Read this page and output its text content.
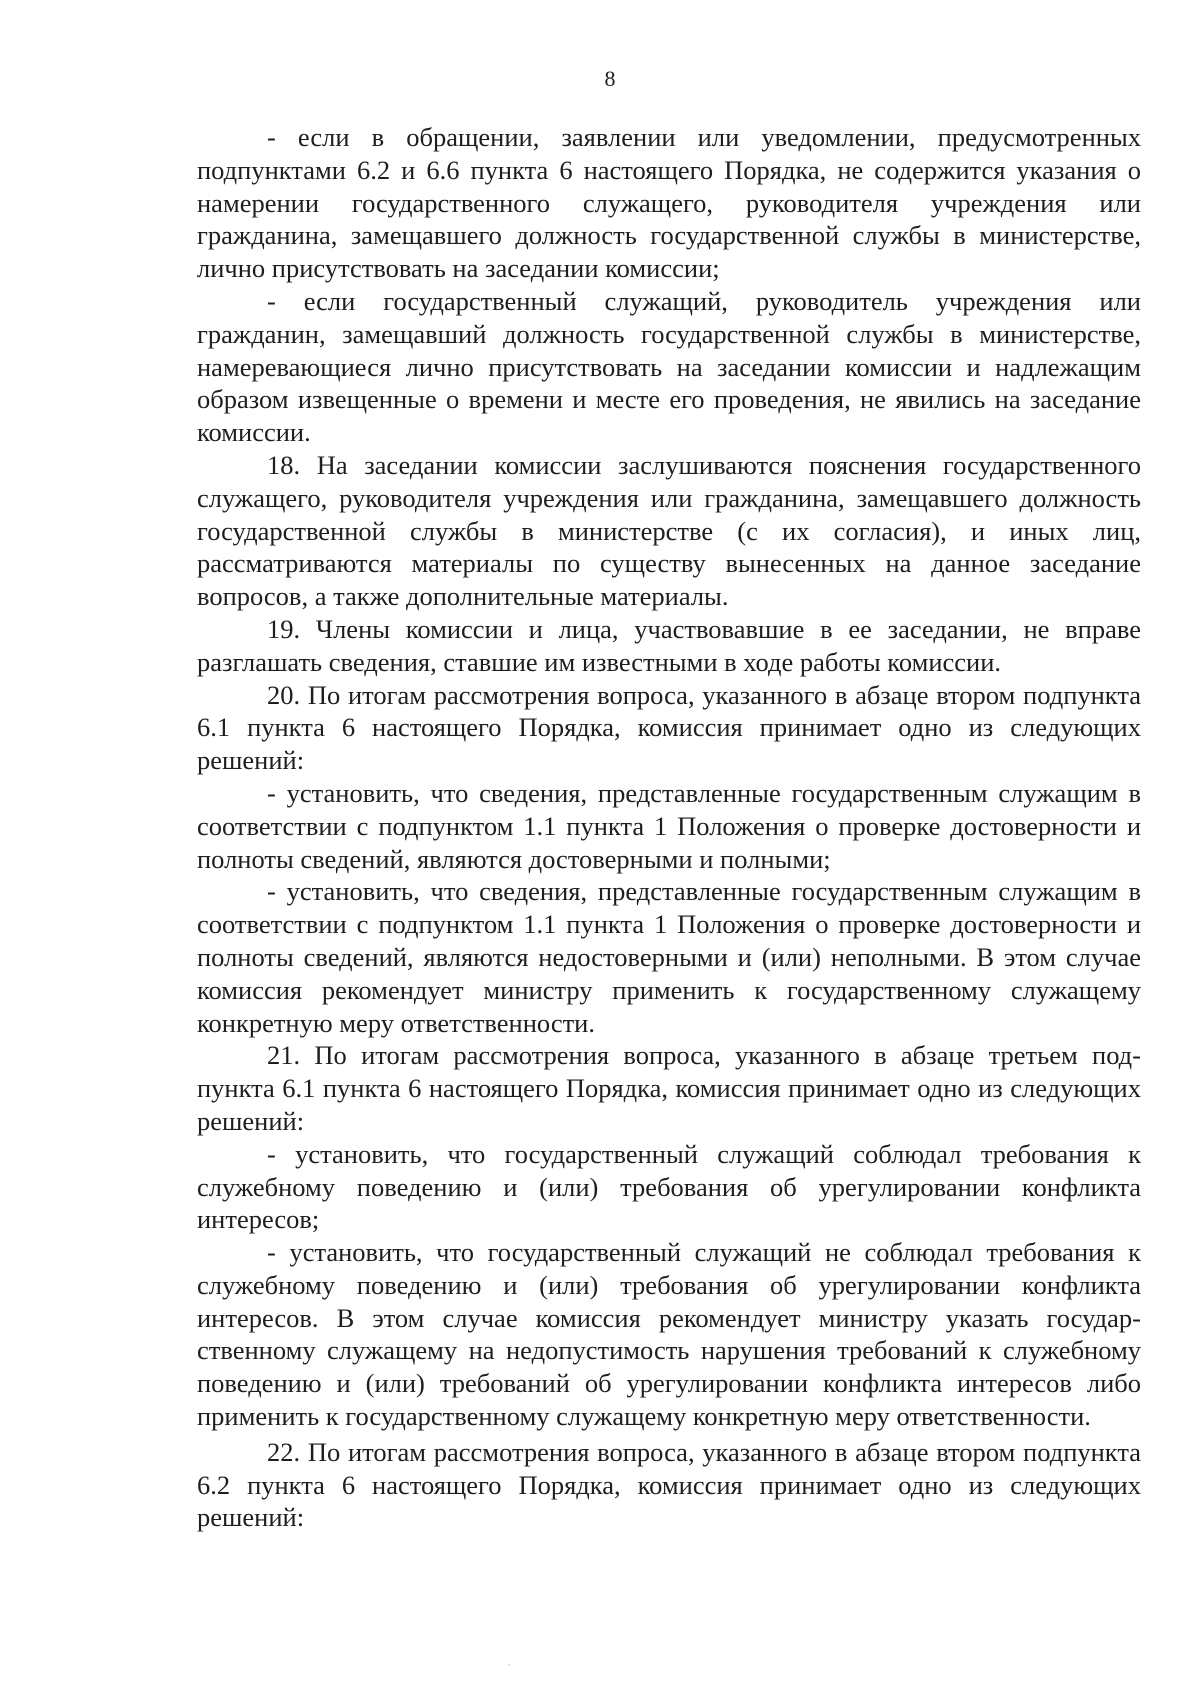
8

- если в обращении, заявлении или уведомлении, предусмотренных подпунктами 6.2 и 6.6 пункта 6 настоящего Порядка, не содержится указания о намерении государственного служащего, руководителя учреждения или гражданина, замещавшего должность государственной службы в министерстве, лично присутствовать на заседании комиссии;

- если государственный служащий, руководитель учреждения или гражданин, замещавший должность государственной службы в министерстве, намеревающиеся лично присутствовать на заседании комиссии и надлежащим образом извещенные о времени и месте его проведения, не явились на заседание комиссии.

18. На заседании комиссии заслушиваются пояснения государственного служащего, руководителя учреждения или гражданина, замещавшего должность государственной службы в министерстве (с их согласия), и иных лиц, рассматриваются материалы по существу вынесенных на данное заседание вопросов, а также дополнительные материалы.

19. Члены комиссии и лица, участвовавшие в ее заседании, не вправе разглашать сведения, ставшие им известными в ходе работы комиссии.

20. По итогам рассмотрения вопроса, указанного в абзаце втором подпункта 6.1 пункта 6 настоящего Порядка, комиссия принимает одно из следующих решений:

- установить, что сведения, представленные государственным служащим в соответствии с подпунктом 1.1 пункта 1 Положения о проверке достоверности и полноты сведений, являются достоверными и полными;

- установить, что сведения, представленные государственным служащим в соответствии с подпунктом 1.1 пункта 1 Положения о проверке достоверности и полноты сведений, являются недостоверными и (или) неполными. В этом случае комиссия рекомендует министру применить к государственному служащему конкретную меру ответственности.

21. По итогам рассмотрения вопроса, указанного в абзаце третьем подпункта 6.1 пункта 6 настоящего Порядка, комиссия принимает одно из следующих решений:

- установить, что государственный служащий соблюдал требования к служебному поведению и (или) требования об урегулировании конфликта интересов;

- установить, что государственный служащий не соблюдал требования к служебному поведению и (или) требования об урегулировании конфликта интересов. В этом случае комиссия рекомендует министру указать государственному служащему на недопустимость нарушения требований к служебному поведению и (или) требований об урегулировании конфликта интересов либо применить к государственному служащему конкретную меру ответственности.

22. По итогам рассмотрения вопроса, указанного в абзаце втором подпункта 6.2 пункта 6 настоящего Порядка, комиссия принимает одно из следующих решений:
